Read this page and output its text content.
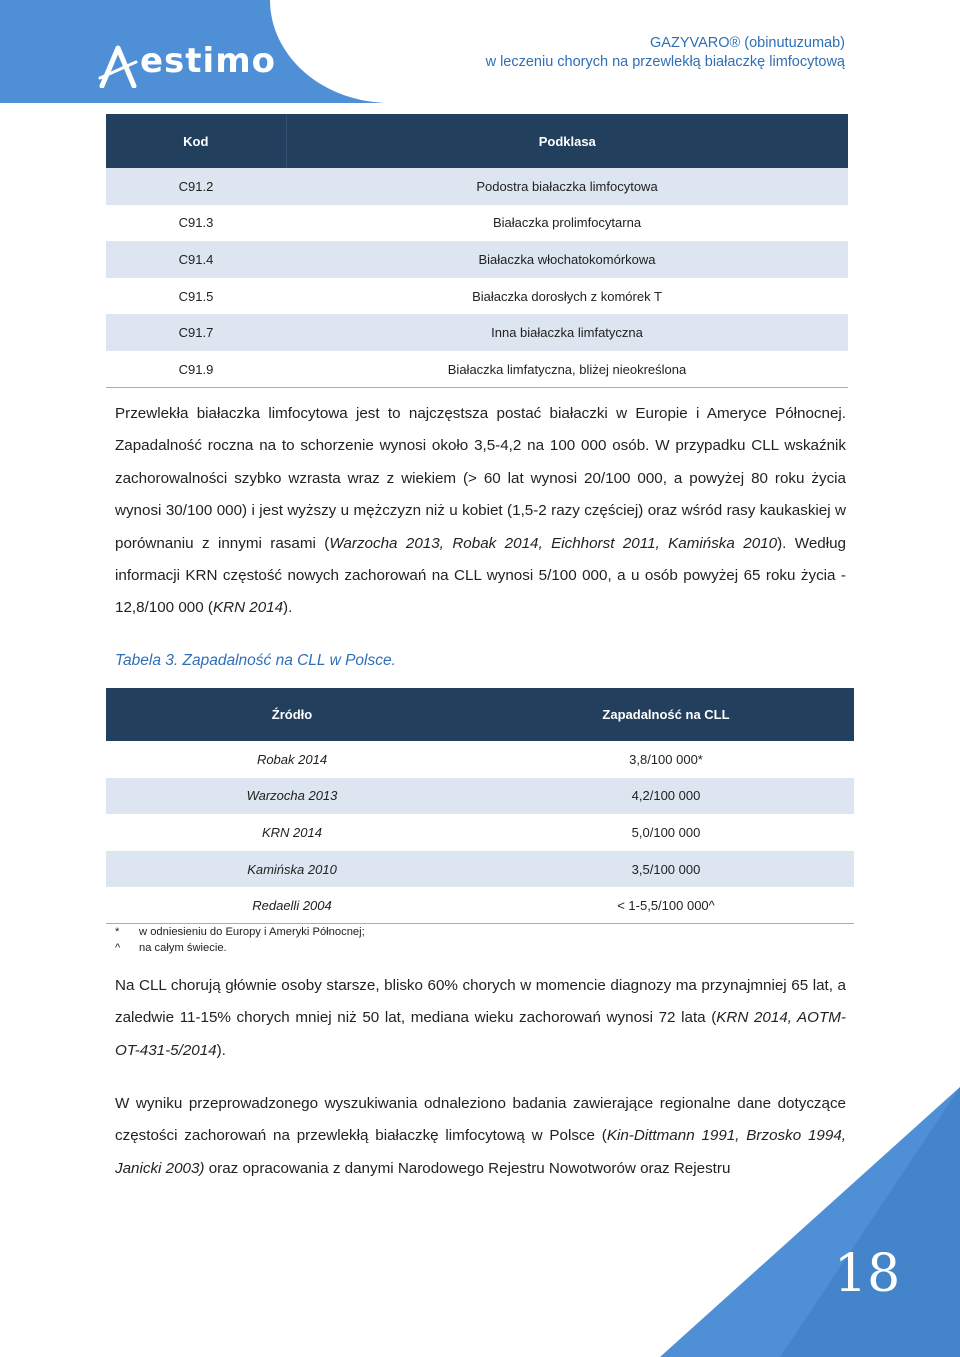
estimo	GAZYVARO® (obinutuzumab)
w leczeniu chorych na przewlekłą białaczkę limfocytową
Kod	Podklasa
C91.2	Podostra białaczka limfocytowa
C91.3	Białaczka prolimfocytarna
C91.4	Białaczka włochatokomórkowa
C91.5	Białaczka dorosłych z komórek T
C91.7	Inna białaczka limfatyczna
C91.9	Białaczka limfatyczna, bliżej nieokreślona

Przewlekła białaczka limfocytowa jest to najczęstsza postać białaczki w Europie i Ameryce Północnej. Zapadalność roczna na to schorzenie wynosi około 3,5-4,2 na 100 000 osób. W przypadku CLL wskaźnik zachorowalności szybko wzrasta wraz z wiekiem (> 60 lat wynosi 20/100 000, a powyżej 80 roku życia wynosi 30/100 000) i jest wyższy u mężczyzn niż u kobiet (1,5-2 razy częściej) oraz wśród rasy kaukaskiej w porównaniu z innymi rasami (Warzocha 2013, Robak 2014, Eichhorst 2011, Kamińska 2010). Według informacji KRN częstość nowych zachorowań na CLL wynosi 5/100 000, a u osób powyżej 65 roku życia - 12,8/100 000 (KRN 2014).

Tabela 3. Zapadalność na CLL w Polsce.
Źródło	Zapadalność na CLL
Robak 2014	3,8/100 000*
Warzocha 2013	4,2/100 000
KRN 2014	5,0/100 000
Kamińska 2010	3,5/100 000
Redaelli 2004	< 1-5,5/100 000^
* w odniesieniu do Europy i Ameryki Północnej;
^ na całym świecie.

Na CLL chorują głównie osoby starsze, blisko 60% chorych w momencie diagnozy ma przynajmniej 65 lat, a zaledwie 11-15% chorych mniej niż 50 lat, mediana wieku zachorowań wynosi 72 lata (KRN 2014, AOTM-OT-431-5/2014).

W wyniku przeprowadzonego wyszukiwania odnaleziono badania zawierające regionalne dane dotyczące częstości zachorowań na przewlekłą białaczkę limfocytową w Polsce (Kin-Dittmann 1991, Brzosko 1994, Janicki 2003) oraz opracowania z danymi Narodowego Rejestru Nowotworów oraz Rejestru

18
